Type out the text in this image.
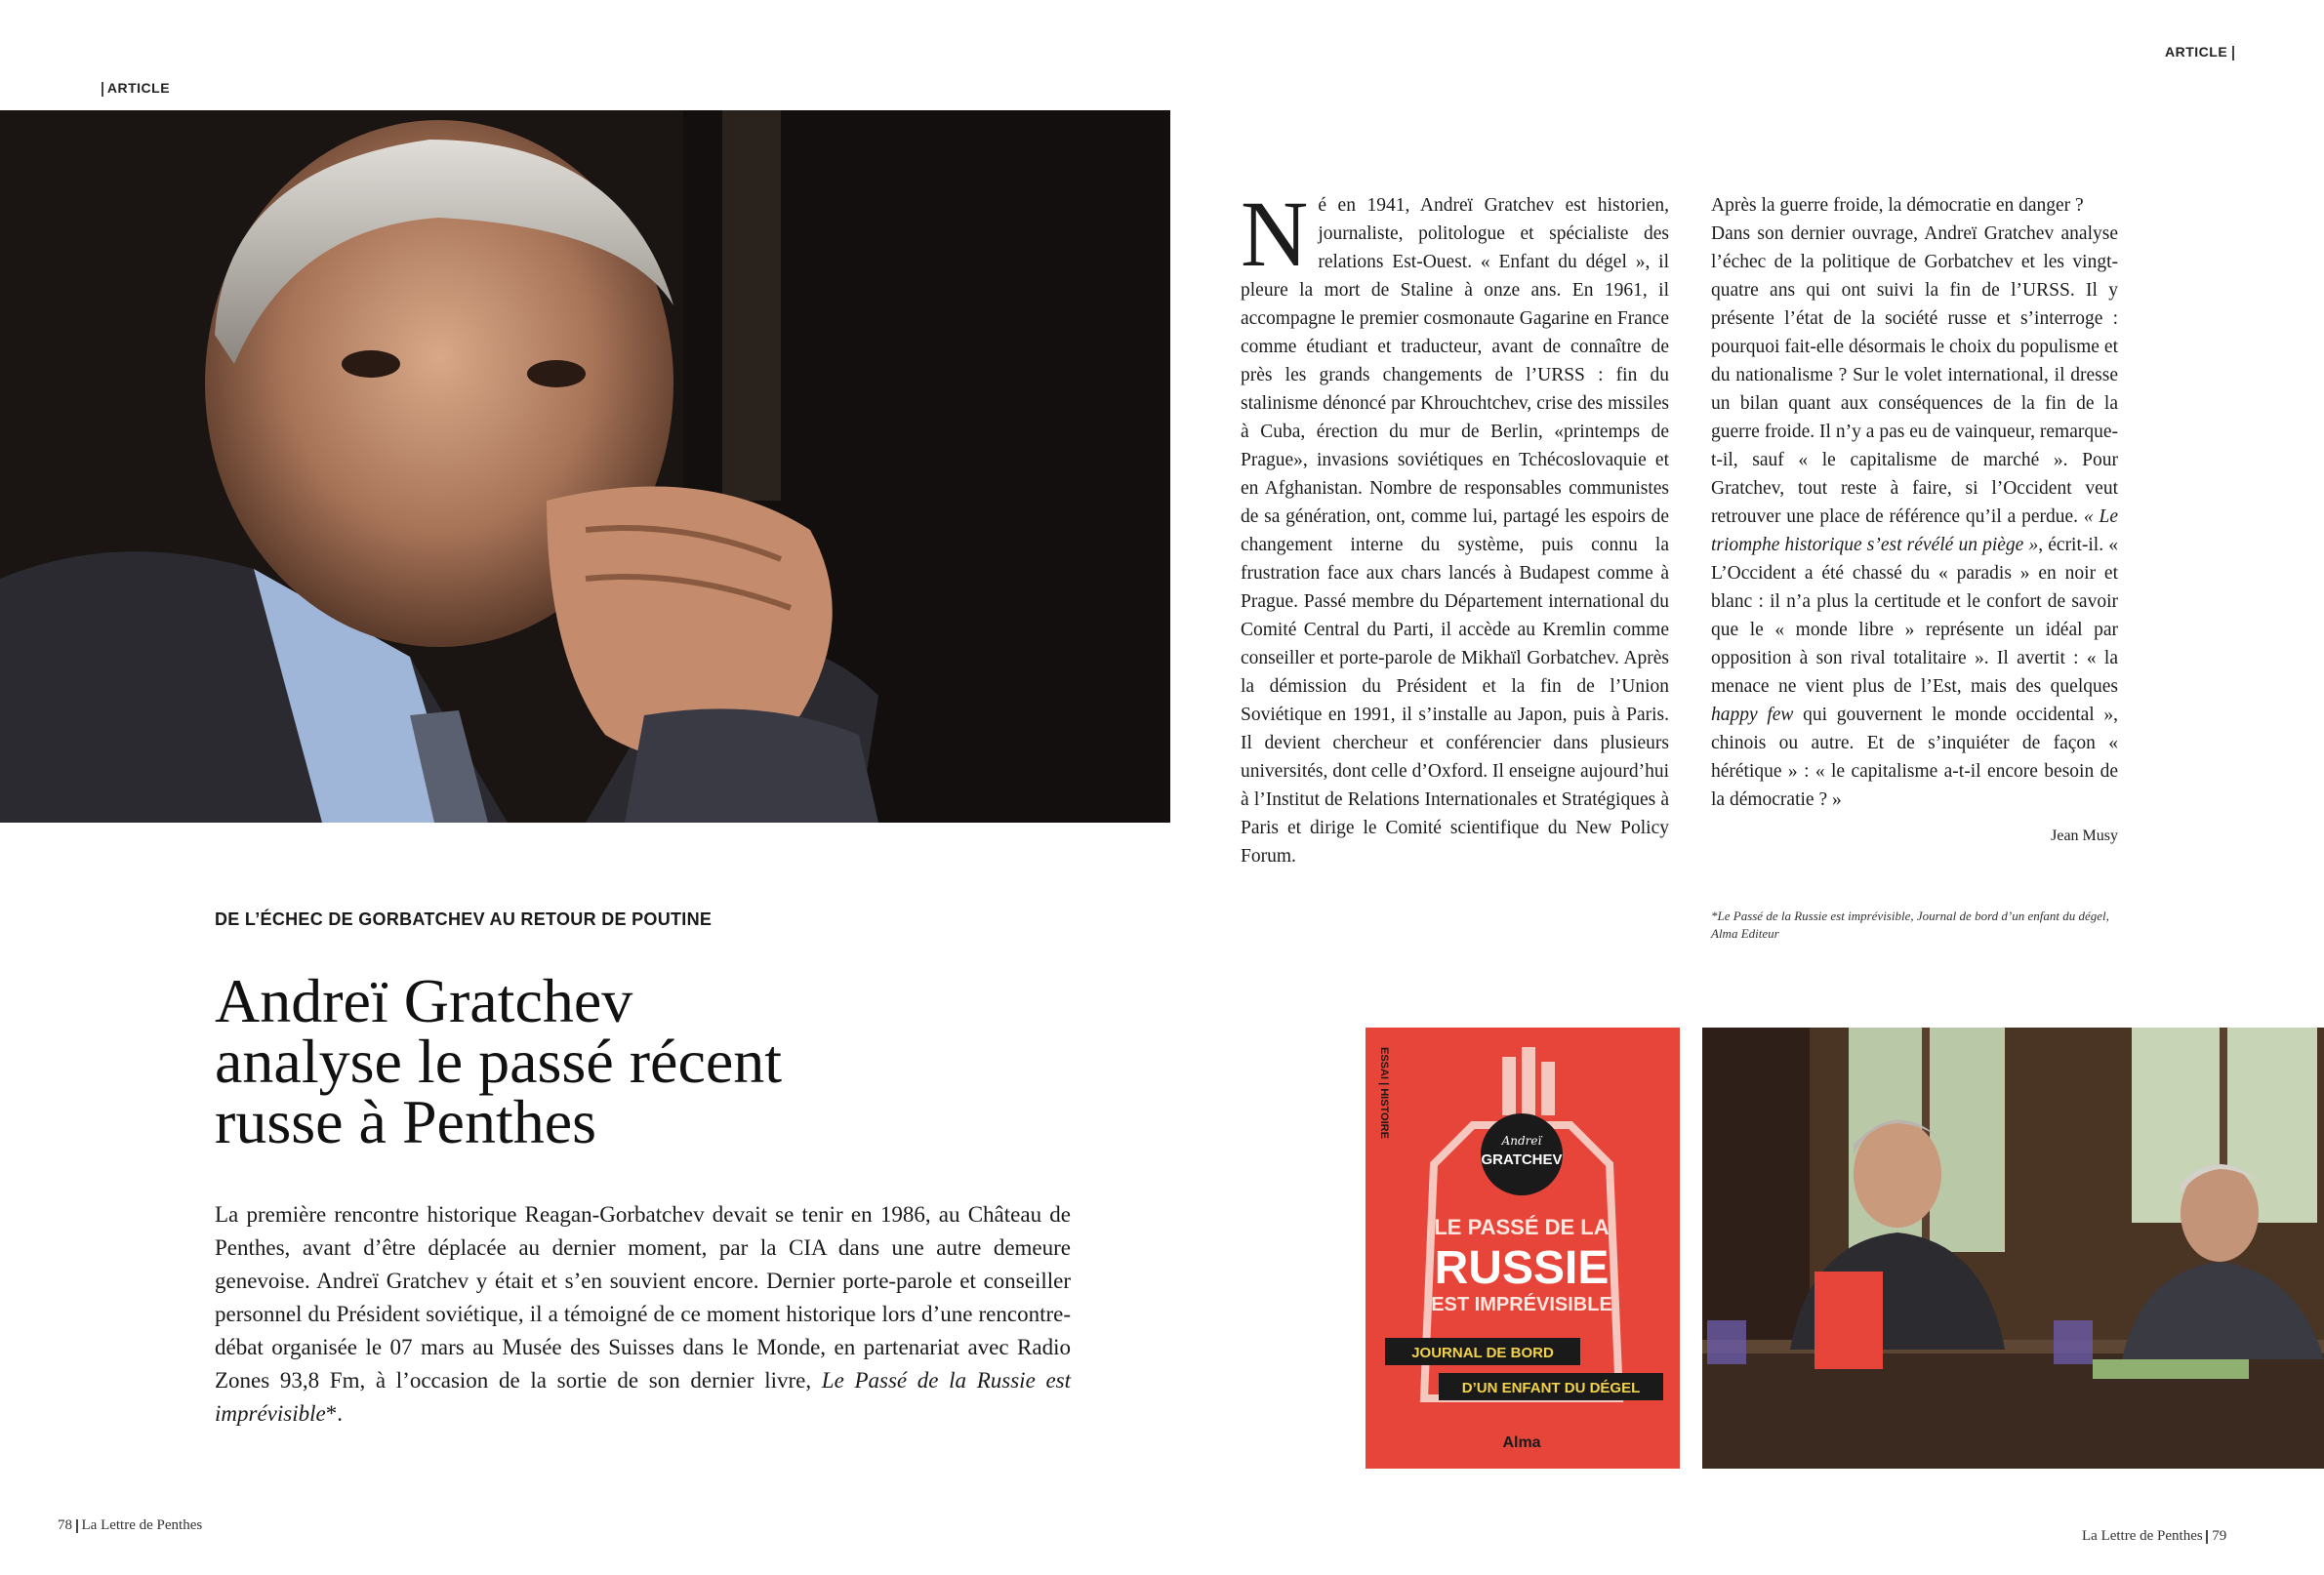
ARTICLE
ARTICLE
N é en 1941, Andreï Gratchev est historien, journaliste, politologue et spécialiste des relations Est-Ouest. « Enfant du dégel », il pleure la mort de Staline à onze ans. En 1961, il accompagne le premier cosmonaute Gagarine en France comme étudiant et traducteur, avant de connaître de près les grands changements de l’URSS : fin du stalinisme dénoncé par Khrouchtchev, crise des missiles à Cuba, érection du mur de Berlin, «printemps de Prague», invasions soviétiques en Tchécoslovaquie et en Afghanistan. Nombre de responsables communistes de sa génération, ont, comme lui, partagé les espoirs de changement interne du système, puis connu la frustration face aux chars lancés à Budapest comme à Prague. Passé membre du Département international du Comité Central du Parti, il accède au Kremlin comme conseiller et porte-parole de Mikhaïl Gorbatchev. Après la démission du Président et la fin de l’Union Soviétique en 1991, il s’installe au Japon, puis à Paris. Il devient chercheur et conférencier dans plusieurs universités, dont celle d’Oxford. Il enseigne aujourd’hui à l’Institut de Relations Internationales et Stratégiques à Paris et dirige le Comité scientifique du New Policy Forum.

Après la guerre froide, la démocratie en danger ?

Dans son dernier ouvrage, Andreï Gratchev analyse l’échec de la politique de Gorbatchev et les vingt-quatre ans qui ont suivi la fin de l’URSS. Il y présente l’état de la société russe et s’interroge : pourquoi fait-elle désormais le choix du populisme et du nationalisme ? Sur le volet international, il dresse un bilan quant aux conséquences de la fin de la guerre froide. Il n’y a pas eu de vainqueur, remarque-t-il, sauf « le capitalisme de marché ». Pour Gratchev, tout reste à faire, si l’Occident veut retrouver une place de référence qu’il a perdue. « Le triomphe historique s’est révélé un piège », écrit-il. « L’Occident a été chassé du « paradis » en noir et blanc : il n’a plus la certitude et le confort de savoir que le « monde libre » représente un idéal par opposition à son rival totalitaire ». Il avertit : « la menace ne vient plus de l’Est, mais des quelques happy few qui gouvernent le monde occidental », chinois ou autre. Et de s’inquiéter de façon « hérétique » : « le capitalisme a-t-il encore besoin de la démocratie ? »

Jean Musy
*Le Passé de la Russie est imprévisible, Journal de bord d’un enfant du dégel,
Alma Editeur
DE L’ÉCHEC DE GORBATCHEV AU RETOUR DE POUTINE
Andreï Gratchev
analyse le passé récent
russe à Penthes
La première rencontre historique Reagan-Gorbatchev devait se tenir en 1986, au Château de Penthes, avant d’être déplacée au dernier moment, par la CIA dans une autre demeure genevoise. Andreï Gratchev y était et s’en souvient encore. Dernier porte-parole et conseiller personnel du Président soviétique, il a témoigné de ce moment historique lors d’une rencontre-débat organisée le 07 mars au Musée des Suisses dans le Monde, en partenariat avec Radio Zones 93,8 Fm, à l’occasion de la sortie de son dernier livre, Le Passé de la Russie est imprévisible*.
ESSAI | HISTOIRE
Andreï
GRATCHEV
LE PASSÉ DE LA
RUSSIE
EST IMPRÉVISIBLE
JOURNAL DE BORD
D’UN ENFANT DU DÉGEL
Alma
78 La Lettre de Penthes
La Lettre de Penthes 79
